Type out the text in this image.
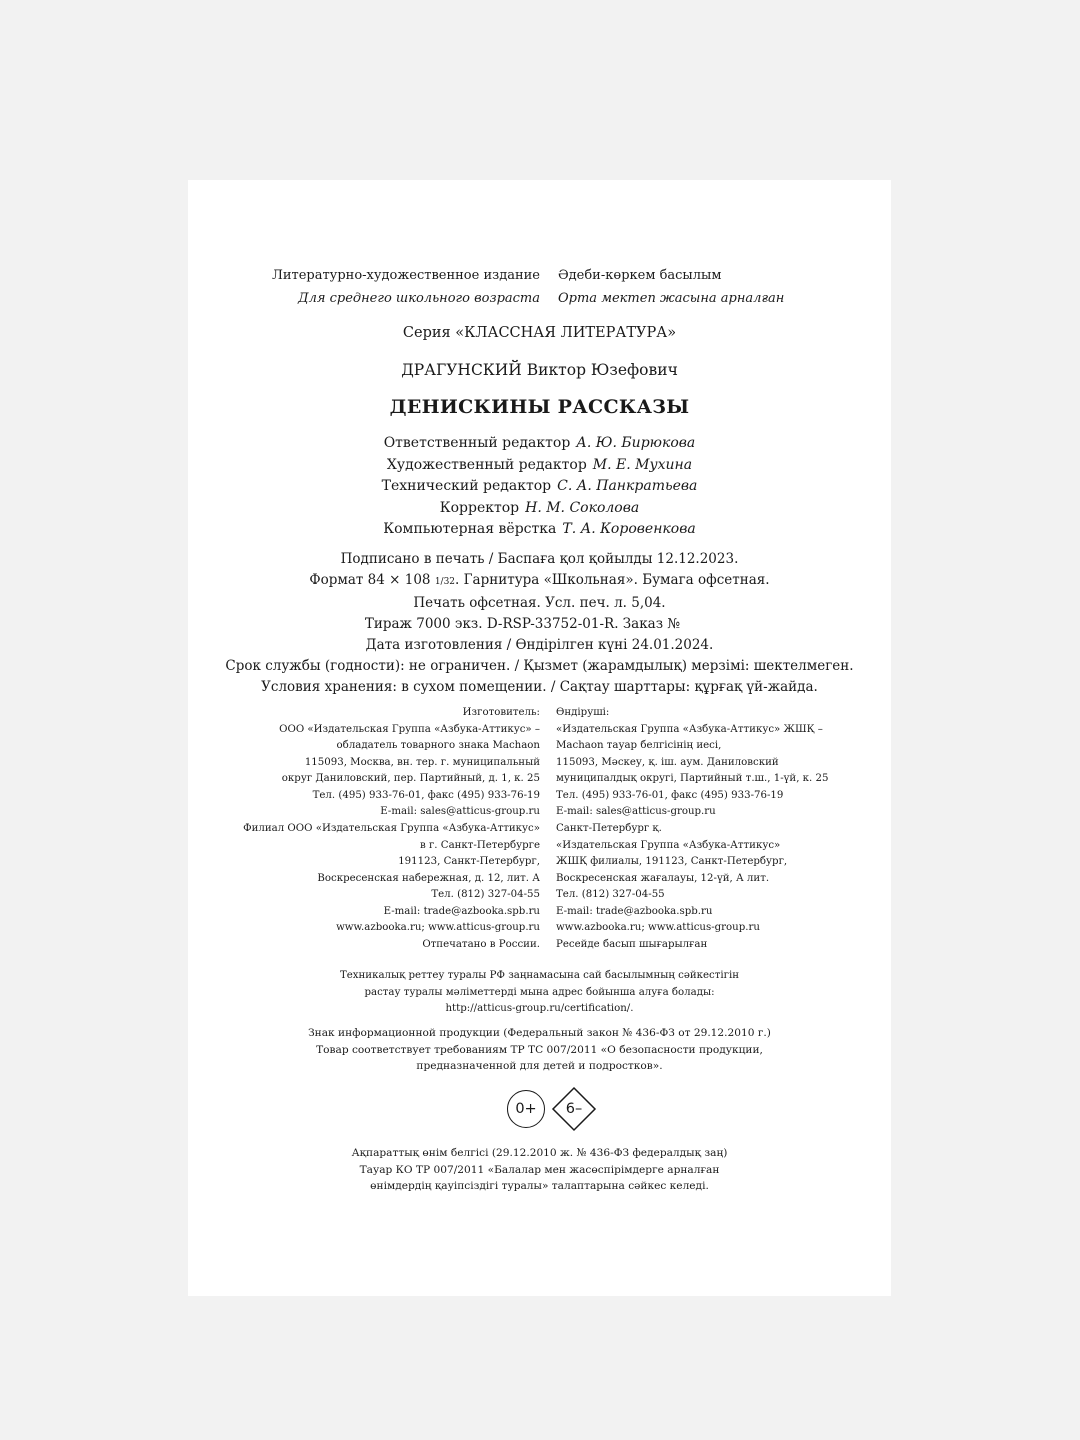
Литературно-художественное издание
Для среднего школьного возраста
Әдеби-көркем басылым
Орта мектеп жасына арналған
Серия «КЛАССНАЯ ЛИТЕРАТУРА»
ДРАГУНСКИЙ Виктор Юзефович
ДЕНИСКИНЫ РАССКАЗЫ
Ответственный редактор А. Ю. Бирюкова
Художественный редактор М. Е. Мухина
Технический редактор С. А. Панкратьева
Корректор Н. М. Соколова
Компьютерная вёрстка Т. А. Коровенкова
Подписано в печать / Баспаға қол қойылды 12.12.2023.
Формат 84 × 108 1/32. Гарнитура «Школьная». Бумага офсетная.
Печать офсетная. Усл. печ. л. 5,04.
Тираж 7000 экз. D-RSP-33752-01-R. Заказ №
Дата изготовления / Өндірілген күні 24.01.2024.
Срок службы (годности): не ограничен. / Қызмет (жарамдылық) мерзімі: шектелмеген.
Условия хранения: в сухом помещении. / Сақтау шарттары: құрғақ үй-жайда.
Изготовитель:
ООО «Издательская Группа «Азбука-Аттикус» –
обладатель товарного знака Machaon
115093, Москва, вн. тер. г. муниципальный
округ Даниловский, пер. Партийный, д. 1, к. 25
Тел. (495) 933-76-01, факс (495) 933-76-19
E-mail: sales@atticus-group.ru
Өндіруші:
«Издательская Группа «Азбука-Аттикус» ЖШҚ –
Machaon тауар белгісінің иесі,
115093, Мәскеу, қ. іш. аум. Даниловский
муниципалдық округі, Партийный т.ш., 1-үй, к. 25
Тел. (495) 933-76-01, факс (495) 933-76-19
E-mail: sales@atticus-group.ru
Филиал ООО «Издательская Группа «Азбука-Аттикус»
в г. Санкт-Петербурге
191123, Санкт-Петербург,
Воскресенская набережная, д. 12, лит. А
Тел. (812) 327-04-55
E-mail: trade@azbooka.spb.ru
Санкт-Петербург қ.
«Издательская Группа «Азбука-Аттикус»
ЖШҚ филиалы, 191123, Санкт-Петербург,
Воскресенская жағалауы, 12-үй, А лит.
Тел. (812) 327-04-55
E-mail: trade@azbooka.spb.ru
www.azbooka.ru; www.atticus-group.ru
Отпечатано в России.
www.azbooka.ru; www.atticus-group.ru
Ресейде басып шығарылған
Техникалық реттеу туралы РФ заңнамасына сай басылымның сәйкестігін
растау туралы мәліметтерді мына адрес бойынша алуға болады:
http://atticus-group.ru/certification/.
Знак информационной продукции (Федеральный закон № 436-ФЗ от 29.12.2010 г.)
Товар соответствует требованиям ТР ТС 007/2011 «О безопасности продукции,
предназначенной для детей и подростков».
0+	6–
Ақпараттық өнім белгісі (29.12.2010 ж. № 436-ФЗ федералдық заң)
Тауар КО ТР 007/2011 «Балалар мен жасөспірімдерге арналған
өнімдердің қауіпсіздігі туралы» талаптарына сәйкес келеді.
